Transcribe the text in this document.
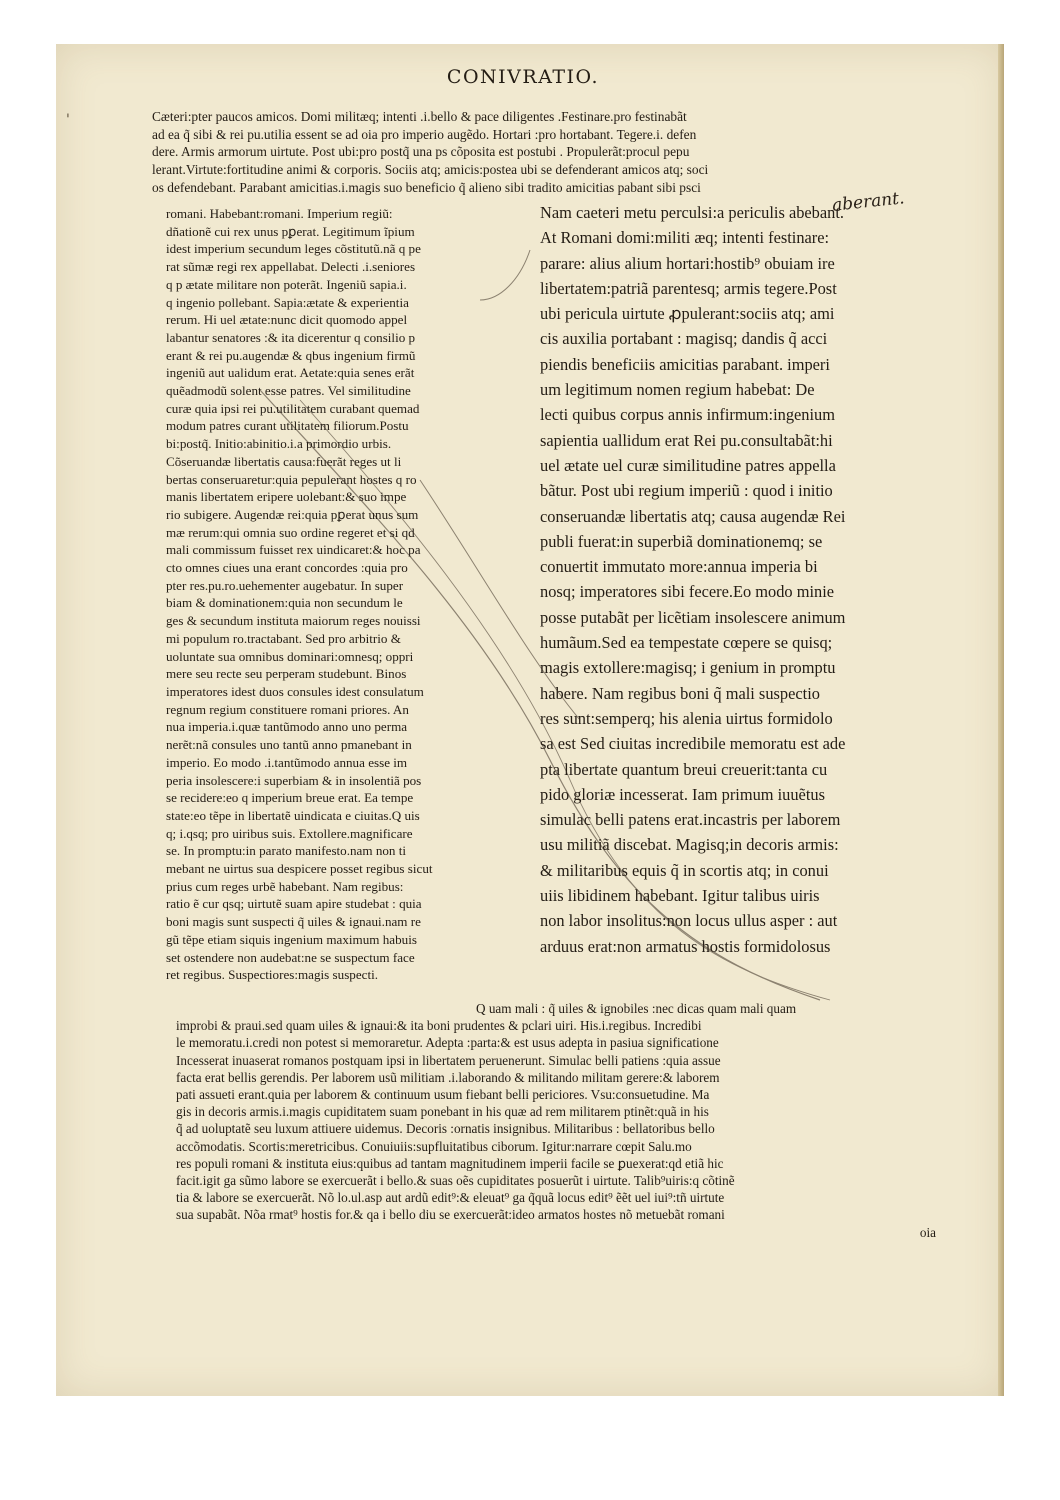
CONIVRATIO.
'	Cæteri:pter paucos amicos. Domi militæq; intenti .i.bello & pace diligentes .Festinare.pro festinabãt
ad ea q̃ sibi & rei pu.utilia essent se ad oia pro imperio augẽdo. Hortari :pro hortabant. Tegere.i. defen
dere. Armis armorum uirtute. Post ubi:pro postq̃ una ps cõposita est postubi . Propulerãt:procul pepu
lerant.Virtute:fortitudine animi & corporis. Sociis atq; amicis:postea ubi se defenderant amicos atq; soci
os defendebant. Parabant amicitias.i.magis suo beneficio q̃ alieno sibi tradito amicitias pabant sibi psci
romani. Habebant:romani. Imperium regiũ:
dñationẽ cui rex unus pꝑerat. Legitimum ĩpium
idest imperium secundum leges cõstitutũ.nã q pe
rat sũmæ regi rex appellabat. Delecti .i.seniores
q p ætate militare non poterãt. Ingeniũ sapia.i.
q ingenio pollebant. Sapia:ætate & experientia
rerum. Hi uel ætate:nunc dicit quomodo appel
labantur senatores :& ita dicerentur q consilio p
erant & rei pu.augendæ & qbus ingenium firmũ
ingeniũ aut ualidum erat. Aetate:quia senes erãt
quẽadmodũ solent esse patres. Vel similitudine
curæ quia ipsi rei pu.utilitatem curabant quemad
modum patres curant utilitatem filiorum.Postu
bi:postq̃. Initio:abinitio.i.a primordio urbis.
Cõseruandæ libertatis causa:fuerãt reges ut li
bertas conseruaretur:quia pepulerant hostes q ro
manis libertatem eripere uolebant:& suo impe
rio subigere. Augendæ rei:quia pꝑerat unus sum
mæ rerum:qui omnia suo ordine regeret et si qd
mali commissum fuisset rex uindicaret:& hoc pa
cto omnes ciues una erant concordes :quia pro
pter res.pu.ro.uehementer augebatur. In super
biam & dominationem:quia non secundum le
ges & secundum instituta maiorum reges nouissi
mi populum ro.tractabant. Sed pro arbitrio &
uoluntate sua omnibus dominari:omnesq; oppri
mere seu recte seu perperam studebunt. Binos
imperatores idest duos consules idest consulatum
regnum regium constituere romani priores. An
nua imperia.i.quæ tantũmodo anno uno perma
nerẽt:nã consules uno tantũ anno pmanebant in
imperio. Eo modo .i.tantũmodo annua esse im
peria insolescere:i superbiam & in insolentiã pos
se recidere:eo q imperium breue erat. Ea tempe
state:eo tẽpe in libertatẽ uindicata e ciuitas.Q uis
q; i.qsq; pro uiribus suis. Extollere.magnificare
se. In promptu:in parato manifesto.nam non ti
mebant ne uirtus sua despicere posset regibus sicut
prius cum reges urbẽ habebant. Nam regibus:
ratio ẽ cur qsq; uirtutẽ suam apire studebat : quia
boni magis sunt suspecti q̃ uiles & ignaui.nam re
gũ tẽpe etiam siquis ingenium maximum habuis
set ostendere non audebat:ne se suspectum face
ret regibus. Suspectiores:magis suspecti.
Nam caeteri metu perculsi:a periculis abebant.
At Romani domi:militi æq; intenti festinare:
parare: alius alium hortari:hostib⁹ obuiam ire
libertatem:patriã parentesq; armis tegere.Post
ubi pericula uirtute ꝓpulerant:sociis atq; ami
cis auxilia portabant : magisq; dandis q̃ acci
piendis beneficiis amicitias parabant. imperi
um legitimum nomen regium habebat: De
lecti quibus corpus annis infirmum:ingenium
sapientia uallidum erat Rei pu.consultabãt:hi
uel ætate uel curæ similitudine patres appella
bãtur. Post ubi regium imperiũ : quod i initio
conseruandæ libertatis atq; causa augendæ Rei
publi fuerat:in superbiã dominationemq; se
conuertit immutato more:annua imperia bi
nosq; imperatores sibi fecere.Eo modo minie
posse putabãt per licẽtiam insolescere animum
humãum.Sed ea tempestate cœpere se quisq;
magis extollere:magisq; i genium in promptu
habere. Nam regibus boni q̃ mali suspectio
res sunt:semperq; his alenia uirtus formidolo
sa est Sed ciuitas incredibile memoratu est ade
pta libertate quantum breui creuerit:tanta cu
pido gloriæ incesserat. Iam primum iuuẽtus
simulac belli patens erat.incastris per laborem
usu militiã discebat. Magisq;in decoris armis:
& militaribus equis q̃ in scortis atq; in conui
uiis libidinem habebant. Igitur talibus uiris
non labor insolitus:non locus ullus asper : aut
arduus erat:non armatus hostis formidolosus
aberant.
Q uam mali : q̃ uiles & ignobiles :nec dicas quam mali quam
improbi & praui.sed quam uiles & ignaui:& ita boni prudentes & pclari uiri. His.i.regibus. Incredibi
le memoratu.i.credi non potest si memoraretur. Adepta :parta:& est usus adepta in pasiua significatione
Incesserat inuaserat romanos postquam ipsi in libertatem peruenerunt. Simulac belli patiens :quia assue
facta erat bellis gerendis. Per laborem usũ militiam .i.laborando & militando militam gerere:& laborem
pati assueti erant.quia per laborem & continuum usum fiebant belli periciores. Vsu:consuetudine. Ma
gis in decoris armis.i.magis cupiditatem suam ponebant in his quæ ad rem militarem ptinẽt:quã in his
q̃ ad uoluptatẽ seu luxum attiuere uidemus. Decoris :ornatis insignibus. Militaribus : bellatoribus bello
accõmodatis. Scortis:meretricibus. Conuiuiis:supfluitatibus ciborum. Igitur:narrare cœpit Salu.mo
res populi romani & instituta eius:quibus ad tantam magnitudinem imperii facile se ꝑuexerat:qd etiã hic
facit.igit ga sũmo labore se exercuerãt i bello.& suas oẽs cupiditates posuerũt i uirtute. Talib⁹uiris:q cõtinẽ
tia & labore se exercuerãt. Nõ lo.ul.asp aut ardũ edit⁹:& eleuat⁹ ga q̃quã locus edit⁹ ẽẽt uel iui⁹:tñ uirtute
sua supabãt. Nõa rmat⁹ hostis for.& qa i bello diu se exercuerãt:ideo armatos hostes nõ metuebãt romani
oia
